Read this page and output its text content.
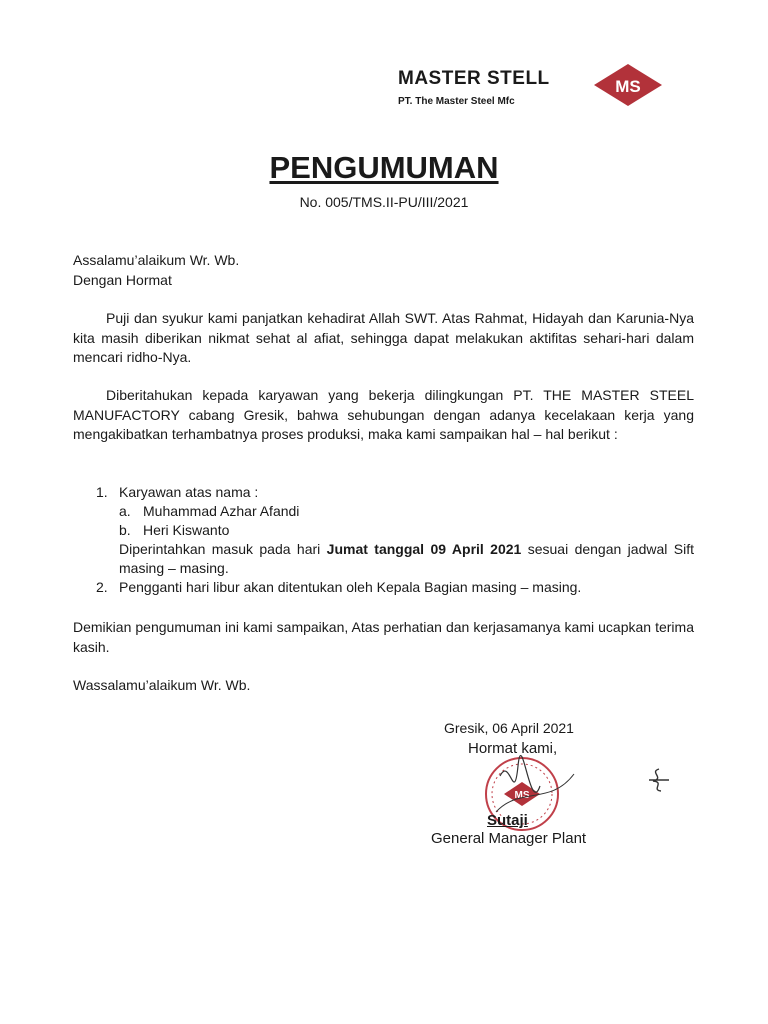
MASTER STELL
PT. The Master Steel Mfc
MS
PENGUMUMAN
No. 005/TMS.II-PU/III/2021
Assalamu’alaikum Wr. Wb.
Dengan Hormat

Puji dan syukur kami panjatkan kehadirat Allah SWT. Atas Rahmat, Hidayah dan Karunia-Nya kita masih diberikan nikmat sehat al afiat, sehingga dapat melakukan aktifitas sehari-hari dalam mencari ridho-Nya.

Diberitahukan kepada karyawan yang bekerja dilingkungan PT. THE MASTER STEEL MANUFACTORY cabang Gresik, bahwa sehubungan dengan adanya kecelakaan kerja yang mengakibatkan terhambatnya proses produksi, maka kami sampaikan hal – hal berikut :

1. Karyawan atas nama :
a. Muhammad Azhar Afandi
b. Heri Kiswanto
Diperintahkan masuk pada hari Jumat tanggal 09 April 2021 sesuai dengan jadwal Sift masing – masing.
2. Pengganti hari libur akan ditentukan oleh Kepala Bagian masing – masing.

Demikian pengumuman ini kami sampaikan, Atas perhatian dan kerjasamanya kami ucapkan terima kasih.

Wassalamu’alaikum Wr. Wb.
Gresik, 06 April 2021
MS
Hormat kami,
Sutaji
General Manager Plant
